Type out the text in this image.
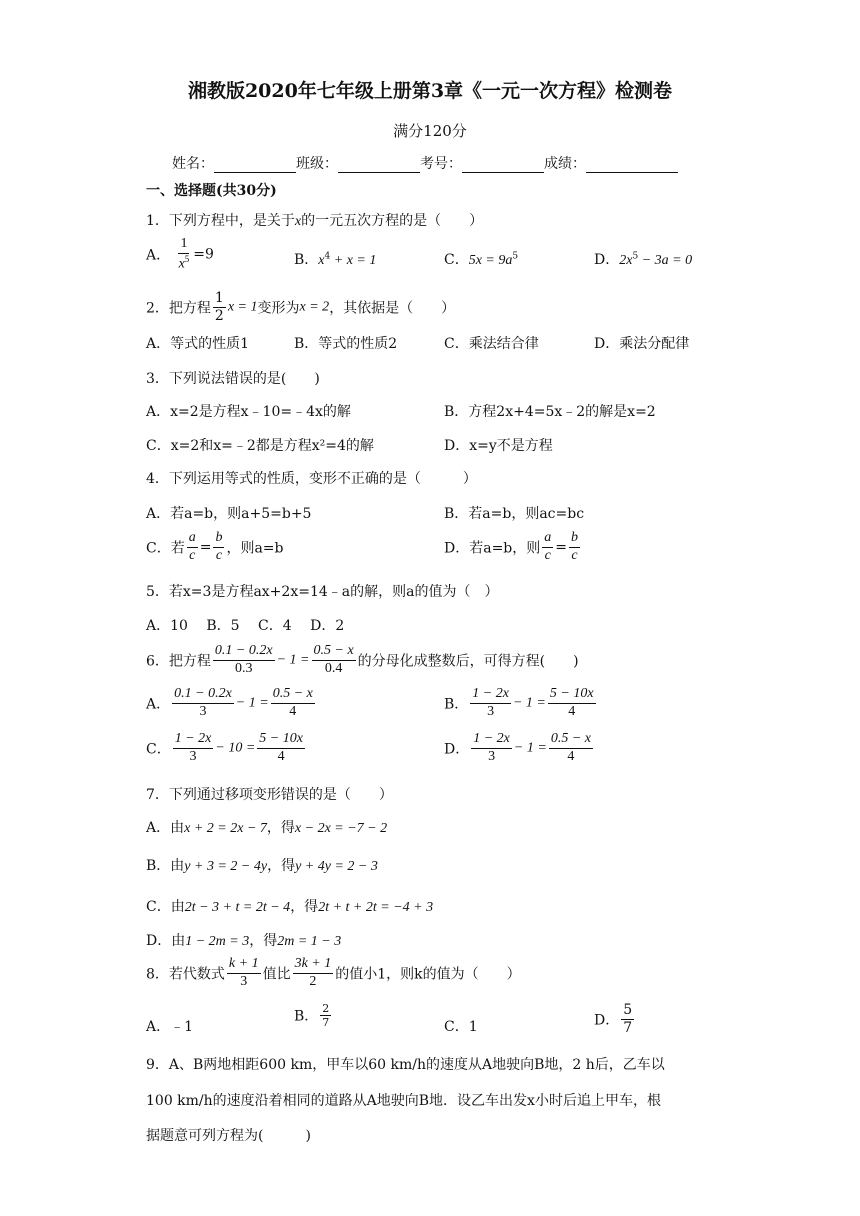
湘教版2020年七年级上册第3章《一元一次方程》检测卷
满分120分
姓名：	班级：	考号：	成绩：
一、选择题(共30分)
1．下列方程中，是关于x的一元五次方程的是（　　）
A． $\frac{1}{x^5} =9$	B．$x^4 + x = 1$	C．$5x = 9a^5$	D．$2x^5 - 3a = 0$
2．把方程 $\frac{1}{2}$ x = 1变形为x = 2，其依据是（　　）
A．等式的性质1	B．等式的性质2	C．乘法结合律	D．乘法分配律
3．下列说法错误的是(　　)
A．x=2是方程x﹣10=﹣4x的解	B．方程2x+4=5x﹣2的解是x=2
C．x=2和x=﹣2都是方程x²=4的解	D．x=y不是方程
4．下列运用等式的性质，变形不正确的是（　　　）
A．若a=b，则a+5=b+5	B．若a=b，则ac=bc
C．若 $\frac{a}{c} = \frac{b}{c}$ ，则a=b	D．若a=b，则 $\frac{a}{c} = \frac{b}{c}$
5．若x=3是方程ax+2x=14﹣a的解，则a的值为（　）
A．10　 B．5　 C．4　 D．2
6．把方程 $\frac{0.1 - 0.2x}{0.3} - 1 = \frac{0.5 - x}{0.4}$ 的分母化成整数后，可得方程(　　)
A． $\frac{0.1 - 0.2x}{3} - 1 = \frac{0.5 - x}{4}$	B． $\frac{1 - 2x}{3} - 1 = \frac{5 - 10x}{4}$
C． $\frac{1 - 2x}{3} - 10 = \frac{5 - 10x}{4}$	D． $\frac{1 - 2x}{3} - 1 = \frac{0.5 - x}{4}$
7．下列通过移项变形错误的是（　　）
A．由x + 2 = 2x − 7，得x − 2x = −7 − 2
B．由y + 3 = 2 − 4y，得y + 4y = 2 − 3
C．由2t − 3 + t = 2t − 4，得2t + t + 2t = −4 + 3
D．由1 − 2m = 3，得2m = 1 − 3
8．若代数式 $\frac{k + 1}{3}$ 值比 $\frac{3k + 1}{2}$ 的值小1，则k的值为（　　）
A．﹣1
B． $\frac{2}{7}$	C．1	D． $\frac{5}{7}$
9．A、B两地相距600 km，甲车以60 km/h的速度从A地驶向B地，2 h后，乙车以
100 km/h的速度沿着相同的道路从A地驶向B地．设乙车出发x小时后追上甲车，根
据题意可列方程为(　　　)
